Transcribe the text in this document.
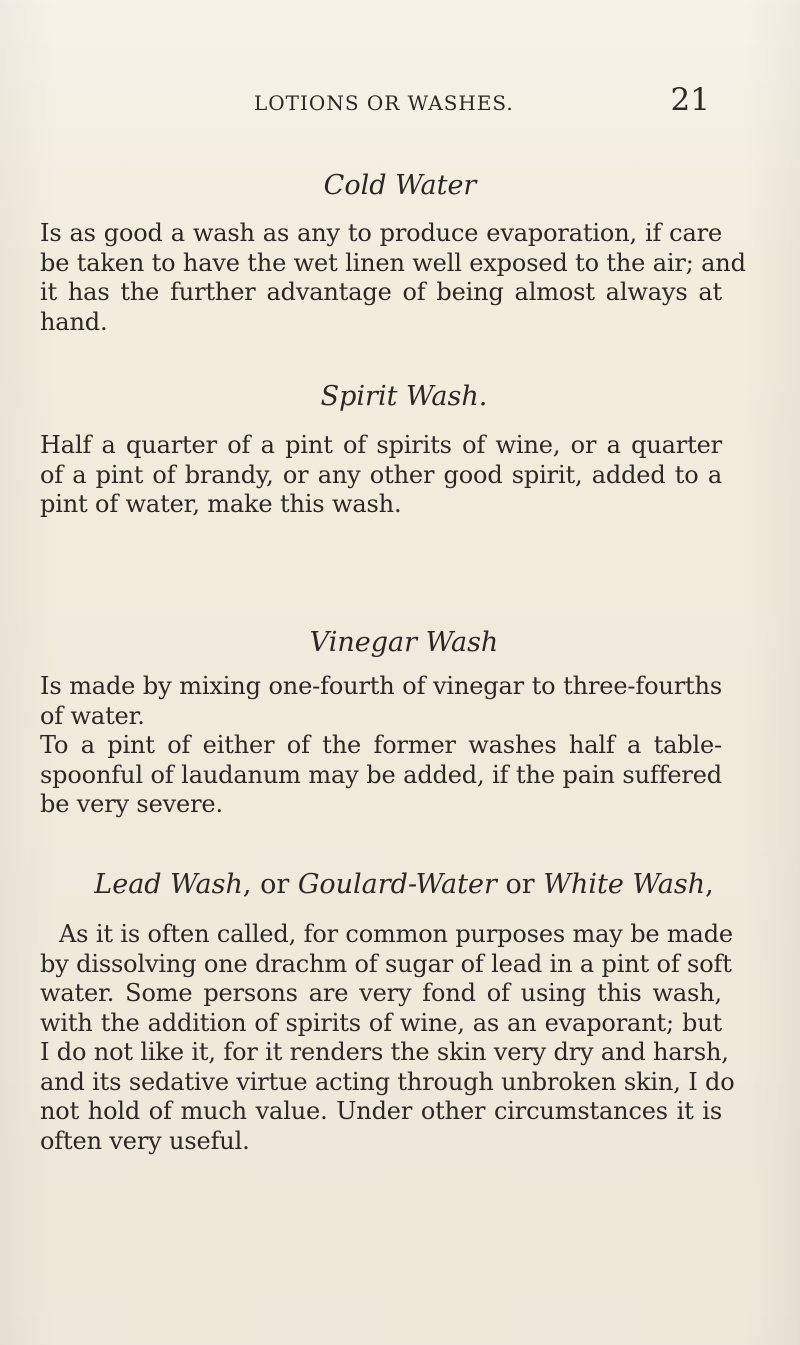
LOTIONS OR WASHES.	21
Cold Water
Is as good a wash as any to produce evaporation, if care
be taken to have the wet linen well exposed to the air; and
it has the further advantage of being almost always at
hand.
Spirit Wash.
Half a quarter of a pint of spirits of wine, or a quarter
of a pint of brandy, or any other good spirit, added to a
pint of water, make this wash.
Vinegar Wash
Is made by mixing one-fourth of vinegar to three-fourths
of water.
To a pint of either of the former washes half a table-
spoonful of laudanum may be added, if the pain suffered
be very severe.
Lead Wash, or Goulard-Water or White Wash,
As it is often called, for common purposes may be made
by dissolving one drachm of sugar of lead in a pint of soft
water. Some persons are very fond of using this wash,
with the addition of spirits of wine, as an evaporant; but
I do not like it, for it renders the skin very dry and harsh,
and its sedative virtue acting through unbroken skin, I do
not hold of much value. Under other circumstances it is
often very useful.
